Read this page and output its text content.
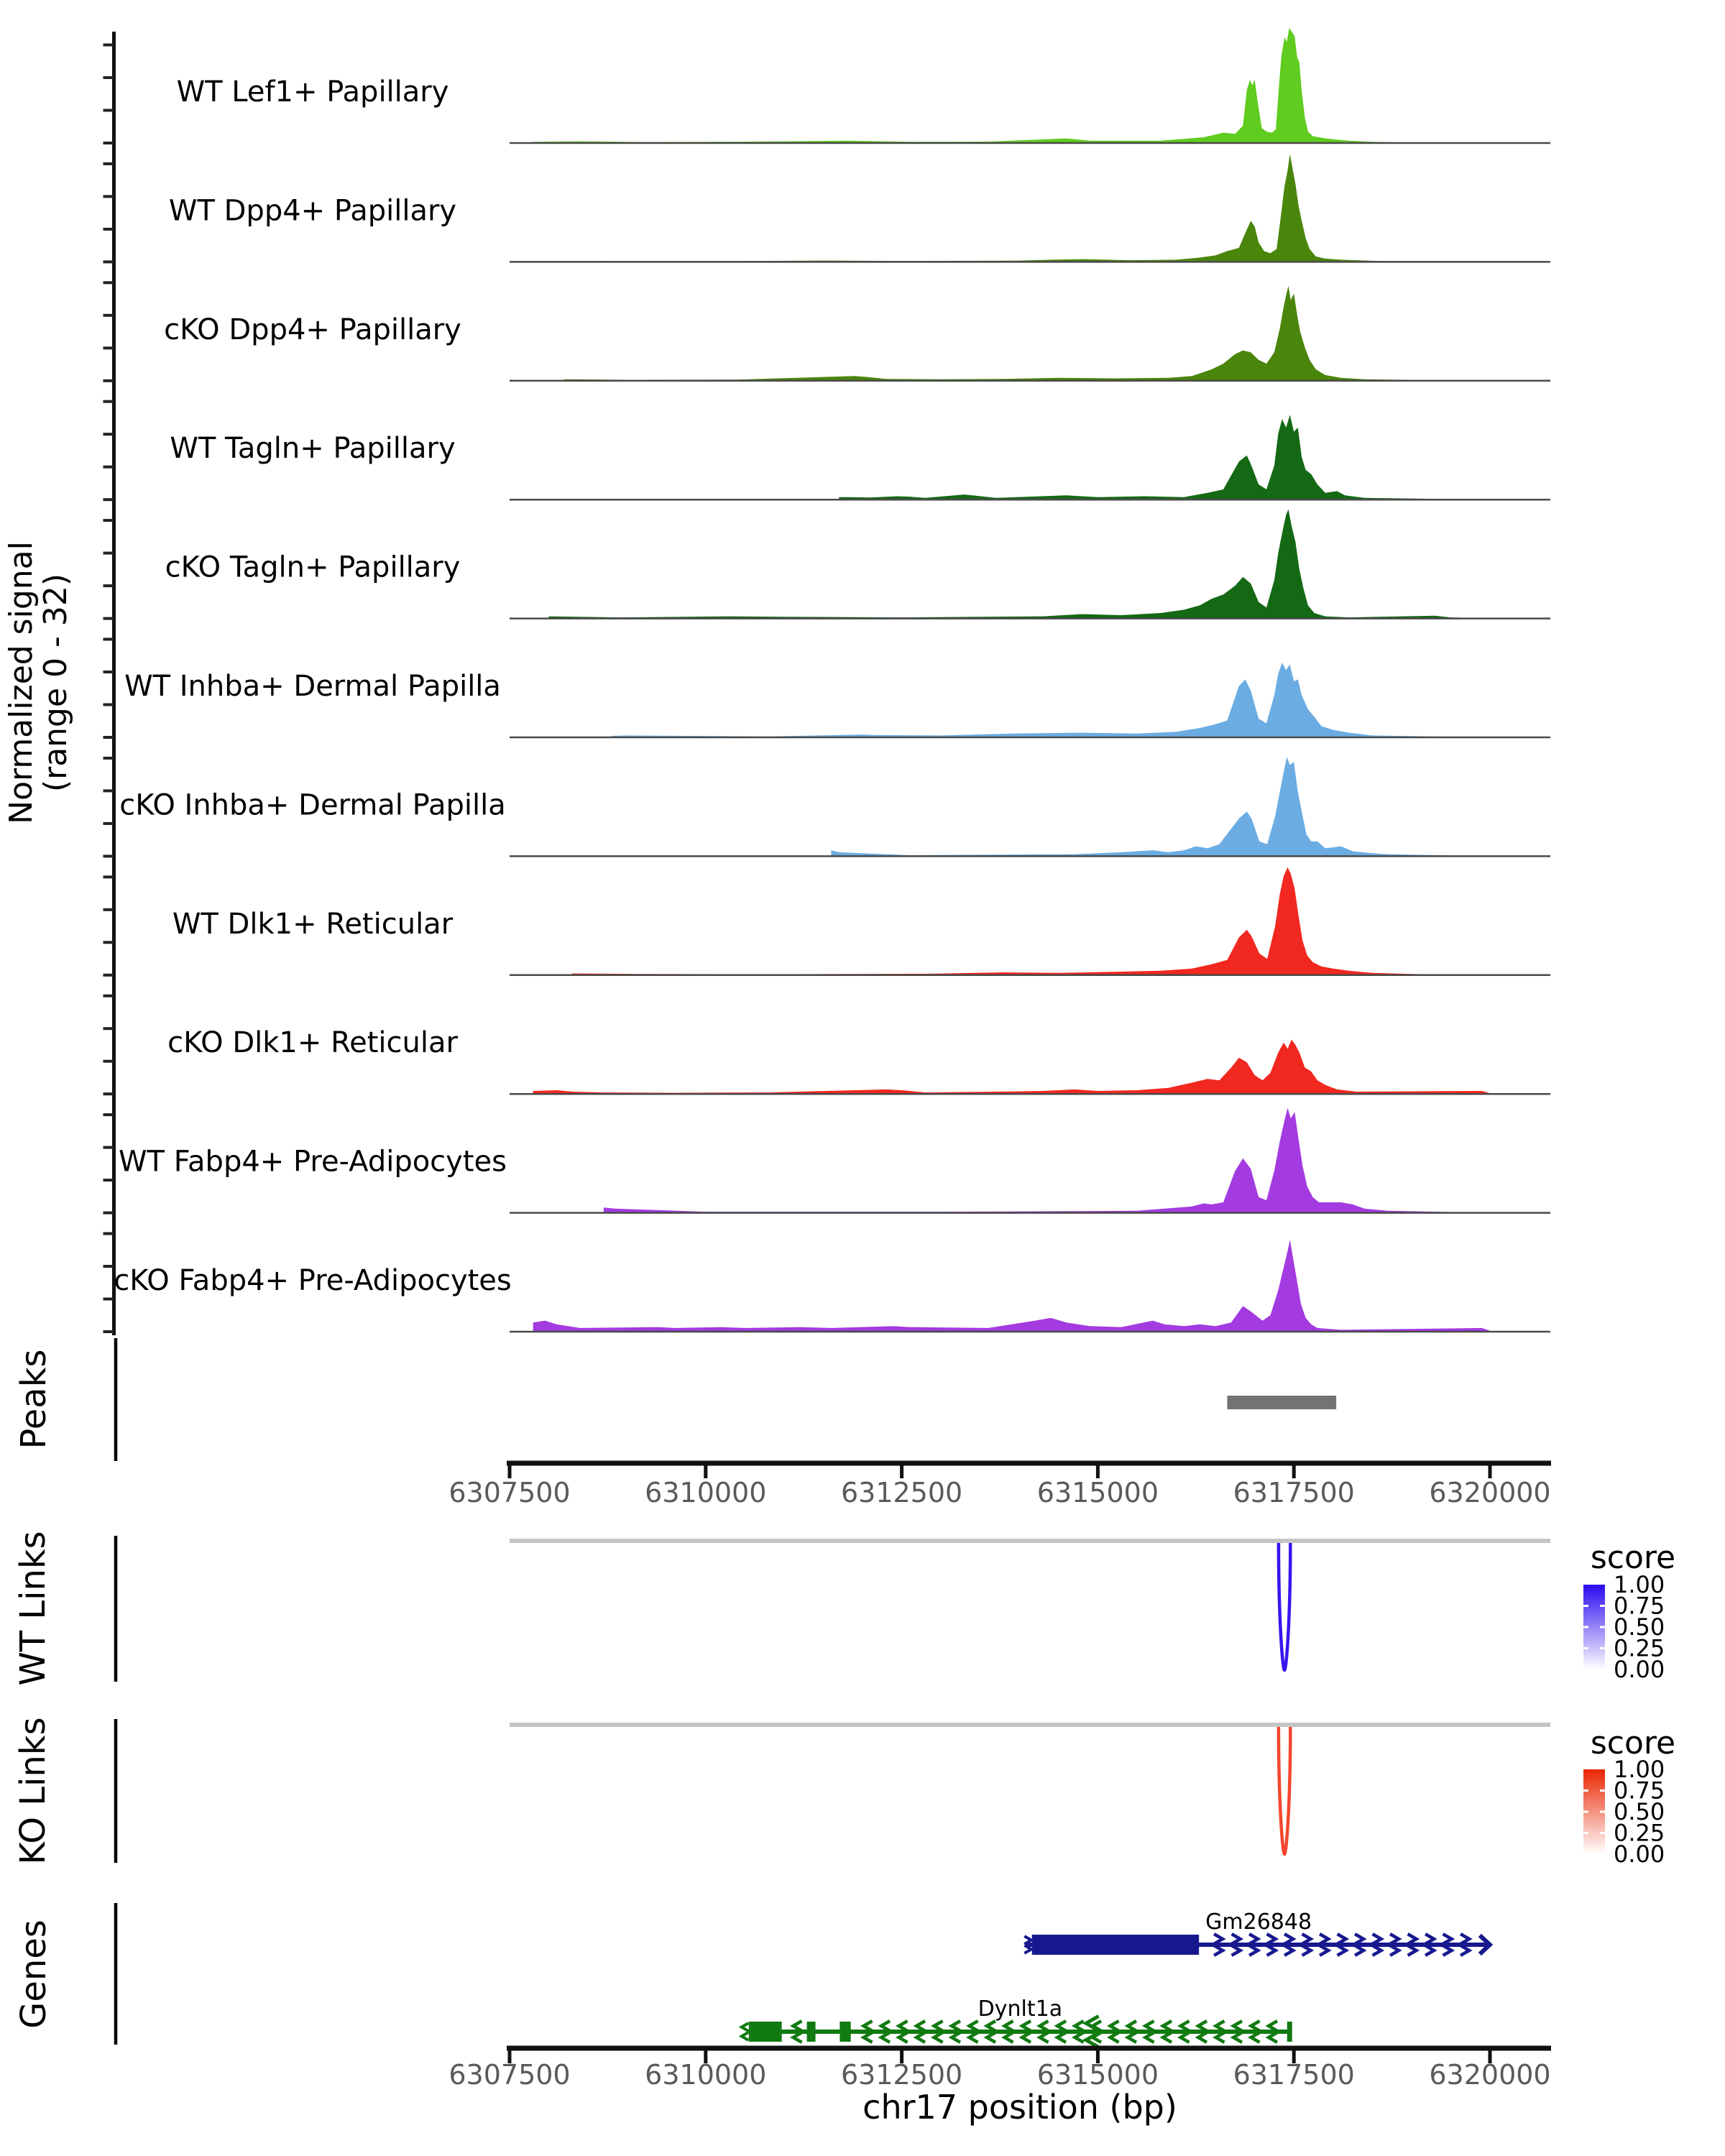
Normalized signal
(range 0 - 32)
Peaks
WT Links
KO Links
Genes
score
score
chr17 position (bp)
WT Lef1+ Papillary
WT Dpp4+ Papillary
cKO Dpp4+ Papillary
WT Tagln+ Papillary
cKO Tagln+ Papillary
WT Inhba+ Dermal Papilla
cKO Inhba+ Dermal Papilla
WT Dlk1+ Reticular
cKO Dlk1+ Reticular
WT Fabp4+ Pre-Adipocytes
cKO Fabp4+ Pre-Adipocytes
6307500	6310000	6312500	6315000	6317500	6320000
1.00
0.75
0.50
0.25
0.00
1.00
0.75
0.50
0.25
0.00
Gm26848
Dynlt1a
6307500	6310000	6312500	6315000	6317500	6320000
